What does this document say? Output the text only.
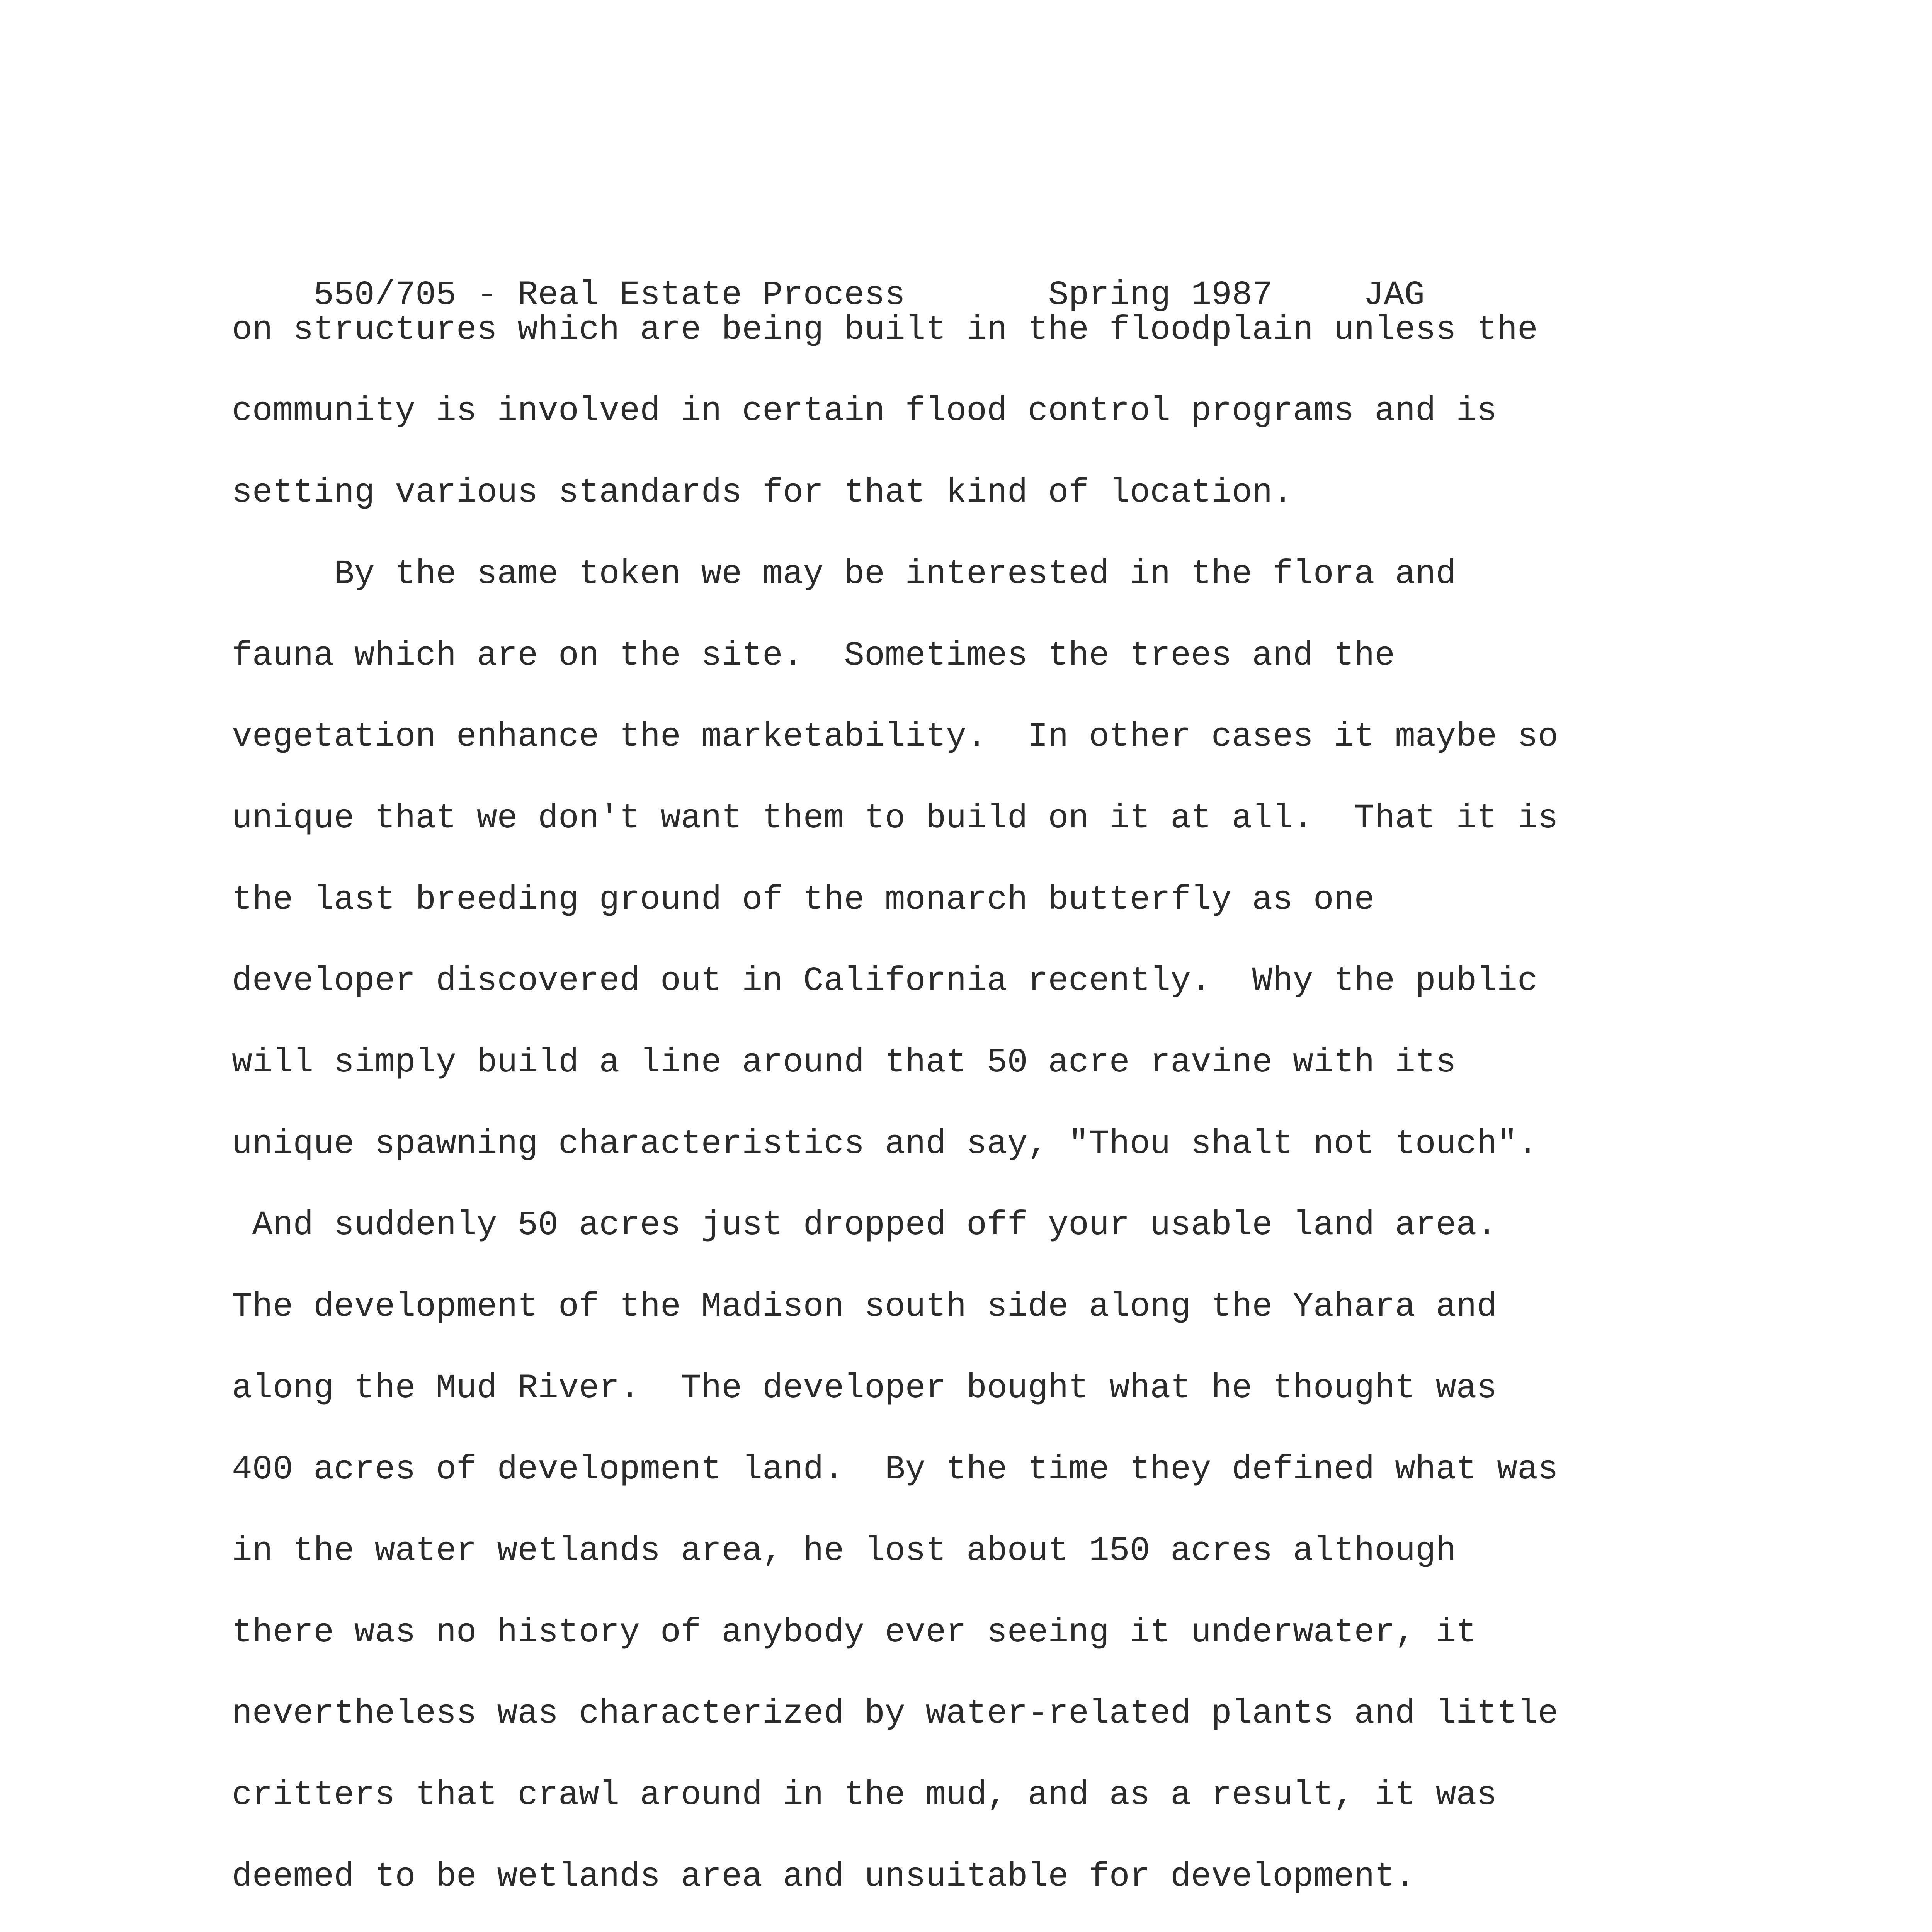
550/705 - Real Estate Process	Spring 1987	JAG

on structures which are being built in the floodplain unless the
community is involved in certain flood control programs and is
setting various standards for that kind of location.
By the same token we may be interested in the flora and
fauna which are on the site.  Sometimes the trees and the
vegetation enhance the marketability.  In other cases it maybe so
unique that we don't want them to build on it at all.  That it is
the last breeding ground of the monarch butterfly as one
developer discovered out in California recently.  Why the public
will simply build a line around that 50 acre ravine with its
unique spawning characteristics and say, "Thou shalt not touch".
And suddenly 50 acres just dropped off your usable land area.
The development of the Madison south side along the Yahara and
along the Mud River.  The developer bought what he thought was
400 acres of development land.  By the time they defined what was
in the water wetlands area, he lost about 150 acres although
there was no history of anybody ever seeing it underwater, it
nevertheless was characterized by water-related plants and little
critters that crawl around in the mud, and as a result, it was
deemed to be wetlands area and unsuitable for development.
